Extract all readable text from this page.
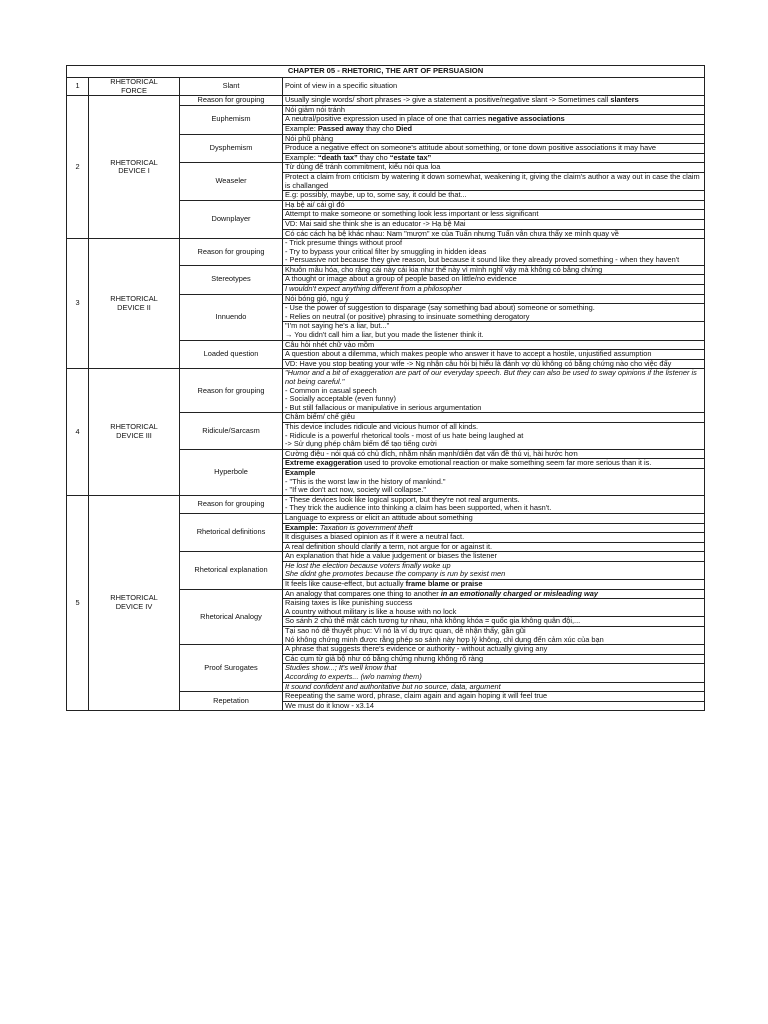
CHAPTER 05 - RHETORIC, THE ART OF PERSUASION			
1	RHETORICAL
FORCE	Slant	Point of view in a specific situation
2	RHETORICAL
DEVICE I	Reason for grouping	Usually single words/ short phrases -> give a statement a positive/negative slant -> Sometimes call slanters
		Euphemism	Nói giảm nói tránh
			A neutral/positive expression used in place of one that carries negative associations
			Example: Passed away thay cho Died
		Dysphemism	Nói phũ phàng
			Produce a negative effect on someone's attitude about something, or tone down positive associations it may have
			Example: “death tax” thay cho “estate tax”
		Weaseler	Từ dùng để tránh commitment, kiểu nói qua loa
			Protect a claim from criticism by watering it down somewhat, weakening it, giving the claim's author a way out in case the claim is challanged
			E.g: possibly, maybe, up to, some say, it could be that...
		Downplayer	Hạ bệ ai/ cái gì đó
			Attempt to make someone or something look less important or less significant
			VD: Mai said she think she is an educator -> Hạ bệ Mai
			Có các cách hạ bệ khác nhau: Nam "mượn" xe của Tuấn nhưng Tuấn vẫn chưa thấy xe mình quay về
3	RHETORICAL
DEVICE II	Reason for grouping	- Trick presume things without proof
- Try to bypass your critical filter by smuggling in hidden ideas
- Persuasive not because they give reason, but because it sound like they already proved something - when they haven't
		Stereotypes	Khuôn mẫu hóa, cho rằng cái này cái kia như thế này vì mình nghĩ vậy mà không có bằng chứng
			A thought or image about a group of people based on little/no evidence
			I wouldn't expect anything different from a philosopher
		Innuendo	Nói bóng gió, ngụ ý
			- Use the power of suggestion to disparage (say something bad about) someone or something.
- Relies on neutral (or positive) phrasing to insinuate something derogatory
			"I'm not saying he's a liar, but..."
→ You didn't call him a liar, but you made the listener think it.
		Loaded question	Câu hỏi nhét chữ vào mồm
			A question about a dilemma, which makes people who answer it have to accept a hostile, unjustified assumption
			VD: Have you stop beating your wife -> Ng nhận câu hỏi bị hiểu là đánh vợ dù không có bằng chứng nào cho việc đấy
4	RHETORICAL
DEVICE III	Reason for grouping	"Humor and a bit of exaggeration are part of our everyday speech. But they can also be used to sway opinions if the listener is not being careful."
- Common in casual speech
- Socially acceptable (even funny)
- But still fallacious or manipulative in serious argumentation
		Ridicule/Sarcasm	Châm biếm/ chế giễu
			This device includes ridicule and vicious humor of all kinds.
- Ridicule is a powerful rhetorical tools - most of us hate being laughed at
-> Sử dụng phép châm biếm để tạo tiếng cười
		Hyperbole	Cường điệu - nói quá có chủ đích, nhằm nhấn mạnh/diễn đạt vấn đề thú vị, hài hước hơn
			Extreme exaggeration used to provoke emotional reaction or make something seem far more serious than it is.
			Example
- "This is the worst law in the history of mankind."
- "If we don't act now, society will collapse."
5	RHETORICAL
DEVICE IV	Reason for grouping	- These devices look like logical support, but they're not real arguments.
- They trick the audience into thinking a claim has been supported, when it hasn't.
		Rhetorical definitions	Language to express or elicit an attitude about something
			Example: Taxation is government theft
			It disguises a biased opinion as if it were a neutral fact.
			A real definition should clarify a term, not argue for or against it.
		Rhetorical explanation	An explanation that hide a value judgement or biases the listener
			He lost the election because voters finally woke up
She didnt ghe promotes because the company is run by sexist men
			It feels like cause-effect, but actually frame blame or praise
		Rhetorical Analogy	An analogy that compares one thing to another in an emotionally charged or misleading way
			Raising taxes is like punishing success
A country without military is like a house with no lock
			So sánh 2 chủ thể mật cách tương tự nhau, nhà không khóa = quốc gia không quân đội,...
			Tại sao nó dễ thuyết phục: Vì nó là ví dụ trực quan, dễ nhận thấy, gần gũi
Nó không chứng minh được rằng phép so sánh này hợp lý không, chỉ dụng đến cảm xúc của bạn
		Proof Surogates	A phrase that suggests there's evidence or authority - without actually giving any
			Các cụm từ giả bộ như có bằng chứng nhưng không rõ ràng
			Studies show...; It's well know that
According to experts... (w/o naming them)
			It sound confident and authoritative but no source, data, argument
		Repetation	Reepeating the same word, phrase, claim again and again hoping it will feel true
			We must do it know - x3.14
